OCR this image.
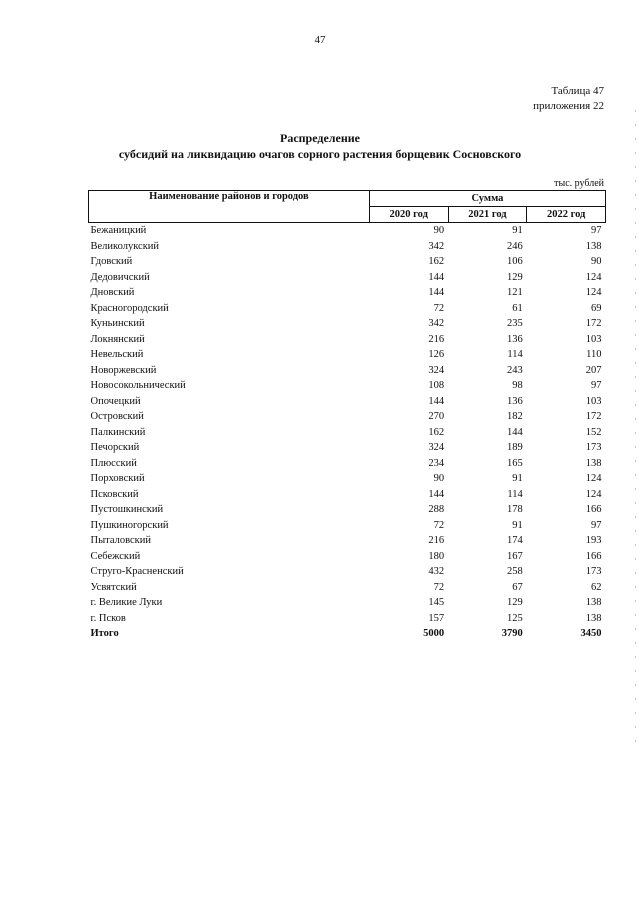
47
Таблица 47
приложения 22
Распределение
субсидий на ликвидацию очагов сорного растения борщевик Сосновского
тыс. рублей
Наименование районов и городов	Сумма		
	2020 год	2021 год	2022 год
Бежаницкий	90	91	97
Великолукский	342	246	138
Гдовский	162	106	90
Дедовичский	144	129	124
Дновский	144	121	124
Красногородский	72	61	69
Куньинский	342	235	172
Локнянский	216	136	103
Невельский	126	114	110
Новоржевский	324	243	207
Новосокольнический	108	98	97
Опочецкий	144	136	103
Островский	270	182	172
Палкинский	162	144	152
Печорский	324	189	173
Плюсский	234	165	138
Порховский	90	91	124
Псковский	144	114	124
Пустошкинский	288	178	166
Пушкиногорский	72	91	97
Пыталовский	216	174	193
Себежский	180	167	166
Струго-Красненский	432	258	173
Усвятский	72	67	62
г. Великие Луки	145	129	138
г. Псков	157	125	138
Итого	5000	3790	3450
